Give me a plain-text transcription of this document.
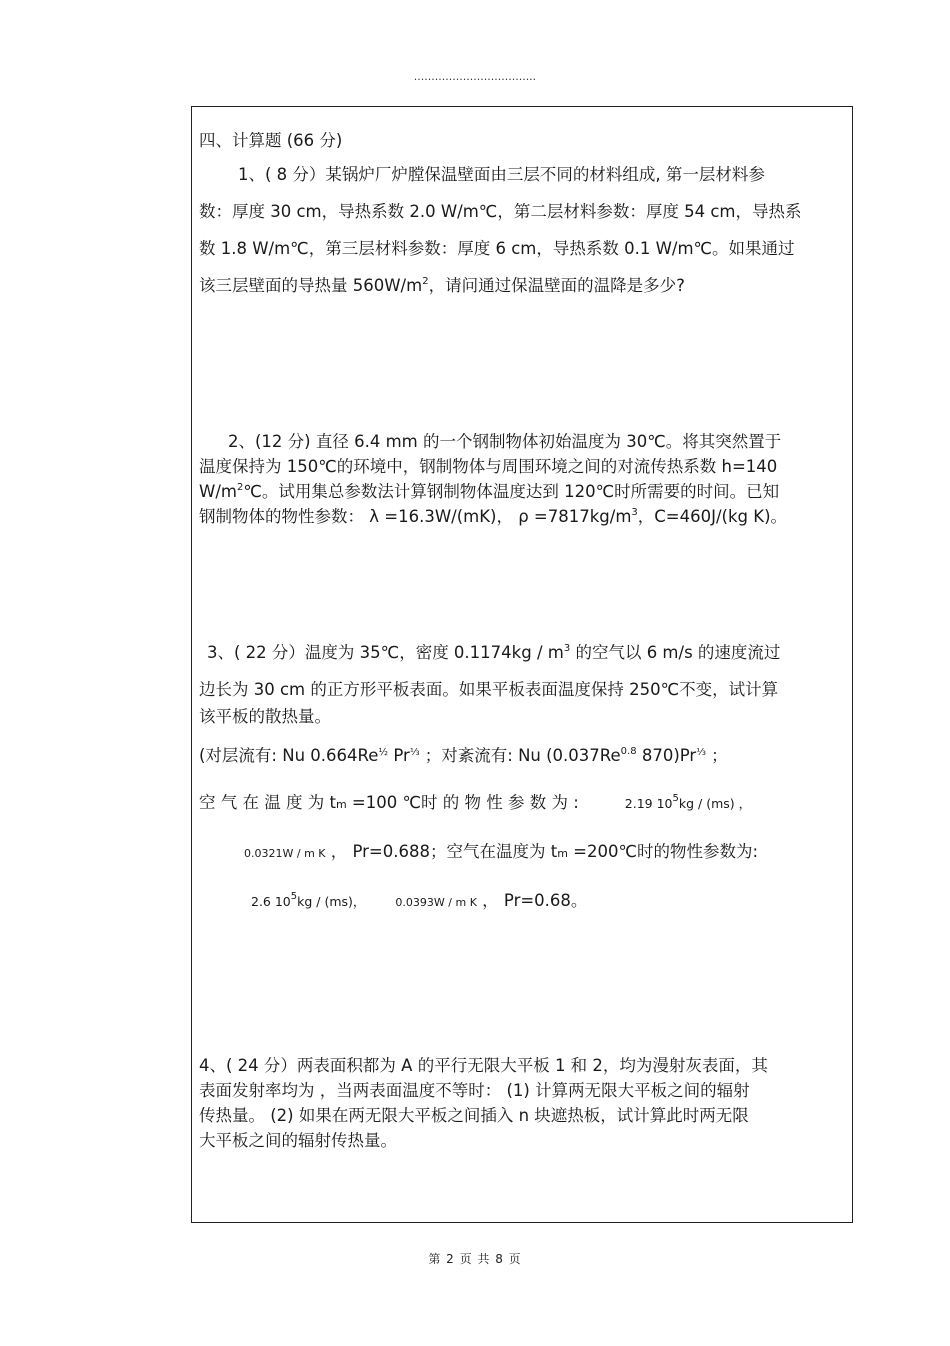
...................................
四、计算题 (66 分)
1、( 8 分）某锅炉厂炉膛保温壁面由三层不同的材料组成, 第一层材料参
数：厚度 30 cm，导热系数 2.0 W/m℃，第二层材料参数：厚度 54 cm，导热系
数 1.8 W/m℃，第三层材料参数：厚度 6 cm，导热系数 0.1 W/m℃。如果通过
该三层壁面的导热量 $560W/m^2$，请问通过保温壁面的温降是多少?
2、(12 分) 直径 6.4 mm 的一个钢制物体初始温度为 30℃。将其突然置于
温度保持为 150℃的环境中，钢制物体与周围环境之间的对流传热系数 h=140
$W/m^2℃$。试用集总参数法计算钢制物体温度达到 120℃时所需要的时间。已知
钢制物体的物性参数： λ =16.3W/(mK)， $\rho =7817kg/m^3$，C=460J/(kg K)。
3、( 22 分）温度为 35℃，密度 $0.1174kg / m^3$ 的空气以 6 m/s 的速度流过
边长为 30 cm 的正方形平板表面。如果平板表面温度保持 250℃不变，试计算
该平板的散热量。
(对层流有: Nu $0.664Re^{\frac{1}{2}}$ $Pr^{\frac{1}{3}}$ ；对紊流有: Nu ($0.037Re^{0.8}$ $870)Pr^{\frac{1}{3}}$ ；
空 气 在 温 度 为 tm =100 ℃时 的 物 性 参 数 为 :	2.19 $10^5kg / (ms)$ ，
0.0321W / m K ， Pr=0.688；空气在温度为 tm =200℃时的物性参数为:
2.6 $10^5kg / (ms)$，	0.0393W / m K ， Pr=0.68。
4、( 24 分）两表面积都为 A 的平行无限大平板 1 和 2，均为漫射灰表面，其
表面发射率均为 ，当两表面温度不等时： (1) 计算两无限大平板之间的辐射
传热量。 (2) 如果在两无限大平板之间插入 n 块遮热板，试计算此时两无限
大平板之间的辐射传热量。
第 2 页 共 8 页
